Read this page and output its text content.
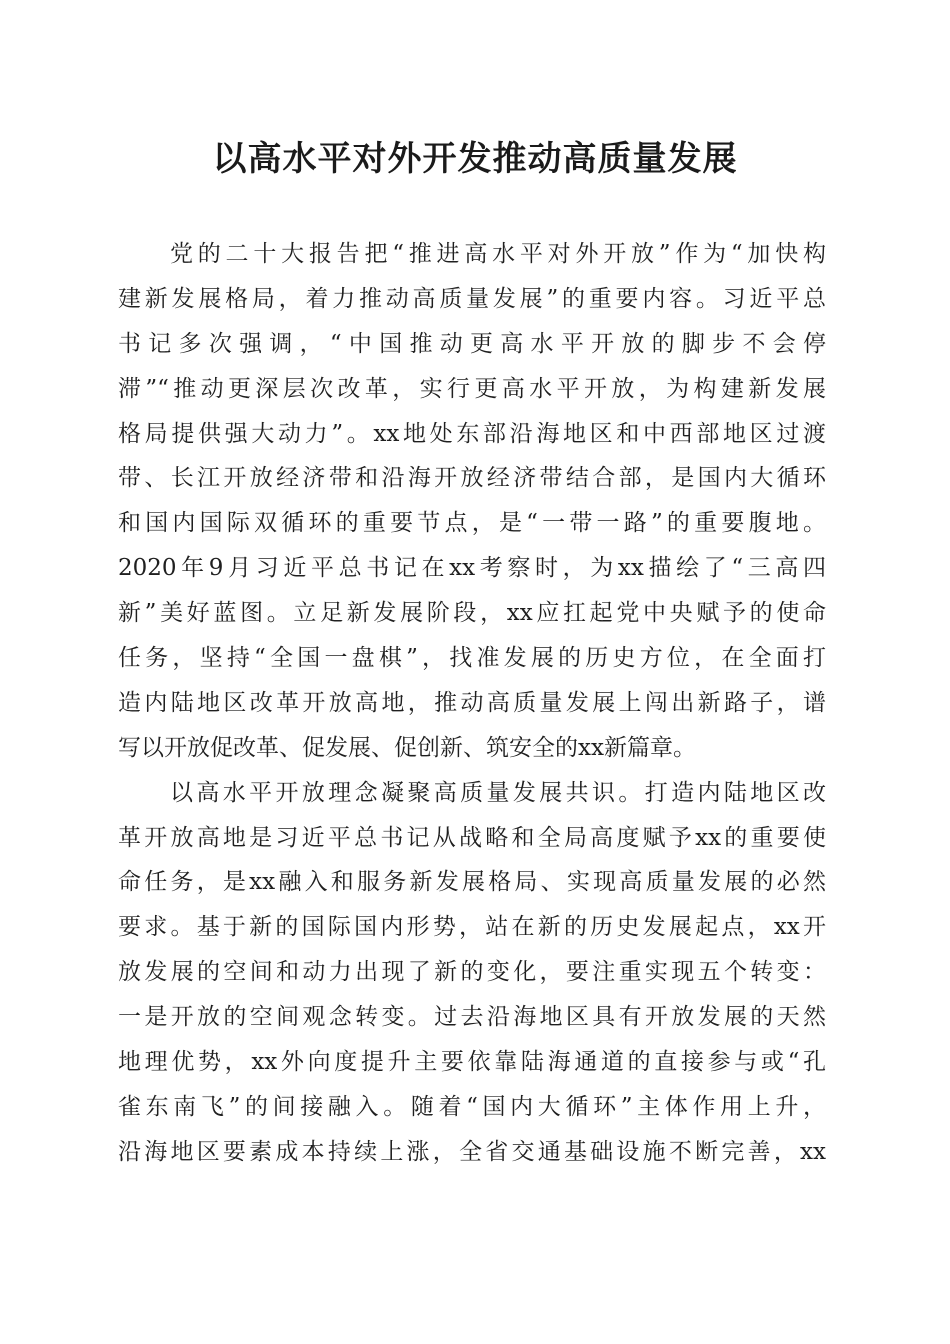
以高水平对外开发推动高质量发展
党的二十大报告把“推进高水平对外开放”作为“加快构
建新发展格局，着力推动高质量发展”的重要内容。习近平总
书记多次强调，“中国推动更高水平开放的脚步不会停
滞”“推动更深层次改革，实行更高水平开放，为构建新发展
格局提供强大动力”。xx地处东部沿海地区和中西部地区过渡
带、长江开放经济带和沿海开放经济带结合部，是国内大循环
和国内国际双循环的重要节点，是“一带一路”的重要腹地。
2020年9月习近平总书记在xx考察时，为xx描绘了“三高四
新”美好蓝图。立足新发展阶段，xx应扛起党中央赋予的使命
任务，坚持“全国一盘棋”，找准发展的历史方位，在全面打
造内陆地区改革开放高地，推动高质量发展上闯出新路子，谱
写以开放促改革、促发展、促创新、筑安全的xx新篇章。
以高水平开放理念凝聚高质量发展共识。打造内陆地区改
革开放高地是习近平总书记从战略和全局高度赋予xx的重要使
命任务，是xx融入和服务新发展格局、实现高质量发展的必然
要求。基于新的国际国内形势，站在新的历史发展起点，xx开
放发展的空间和动力出现了新的变化，要注重实现五个转变：
一是开放的空间观念转变。过去沿海地区具有开放发展的天然
地理优势，xx外向度提升主要依靠陆海通道的直接参与或“孔
雀东南飞”的间接融入。随着“国内大循环”主体作用上升，
沿海地区要素成本持续上涨，全省交通基础设施不断完善，xx
